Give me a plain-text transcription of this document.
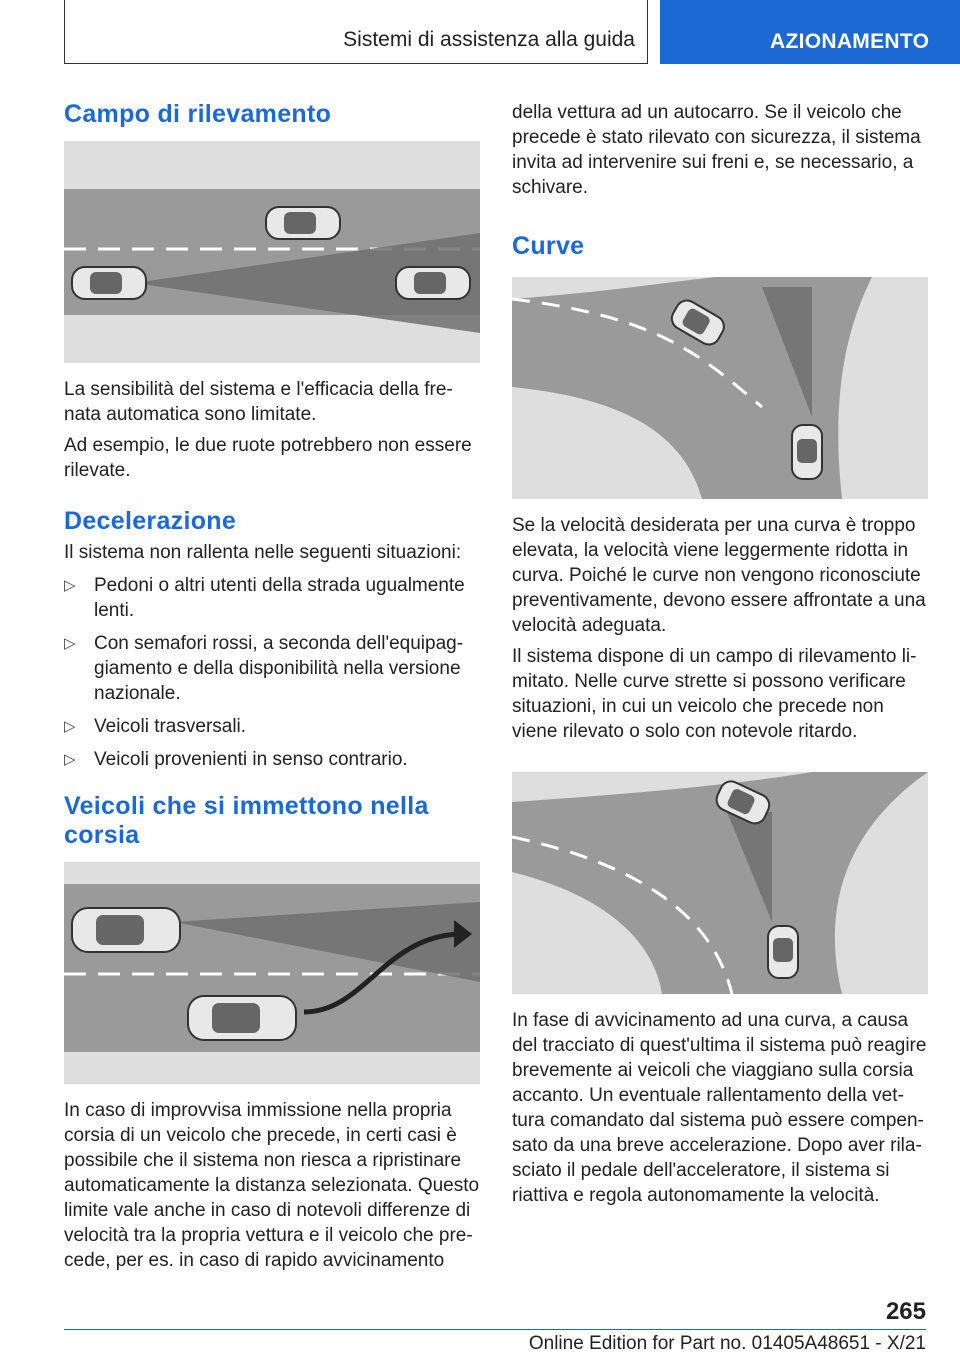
Sistemi di assistenza alla guida	AZIONAMENTO
Campo di rilevamento

La sensibilità del sistema e l'efficacia della fre-nata automatica sono limitate.

Ad esempio, le due ruote potrebbero non essere rilevate.

Decelerazione

Il sistema non rallenta nelle seguenti situazioni:

▷ Pedoni o altri utenti della strada ugualmente lenti.
▷ Con semafori rossi, a seconda dell'equipag-giamento e della disponibilità nella versione nazionale.
▷ Veicoli trasversali.
▷ Veicoli provenienti in senso contrario.
Veicoli che si immettono nella corsia

In caso di improvvisa immissione nella propria corsia di un veicolo che precede, in certi casi è possibile che il sistema non riesca a ripristinare automaticamente la distanza selezionata. Questo limite vale anche in caso di notevoli differenze di velocità tra la propria vettura e il veicolo che pre-cede, per es. in caso di rapido avvicinamento

della vettura ad un autocarro. Se il veicolo che precede è stato rilevato con sicurezza, il sistema invita ad intervenire sui freni e, se necessario, a schivare.

Curve

Se la velocità desiderata per una curva è troppo elevata, la velocità viene leggermente ridotta in curva. Poiché le curve non vengono riconosciute preventivamente, devono essere affrontate a una velocità adeguata.

Il sistema dispone di un campo di rilevamento li-mitato. Nelle curve strette si possono verificare situazioni, in cui un veicolo che precede non viene rilevato o solo con notevole ritardo.

In fase di avvicinamento ad una curva, a causa del tracciato di quest'ultima il sistema può reagire brevemente ai veicoli che viaggiano sulla corsia accanto. Un eventuale rallentamento della vet-tura comandato dal sistema può essere compen-sato da una breve accelerazione. Dopo aver rila-sciato il pedale dell'acceleratore, il sistema si riattiva e regola autonomamente la velocità.

265
Online Edition for Part no. 01405A48651 - X/21
